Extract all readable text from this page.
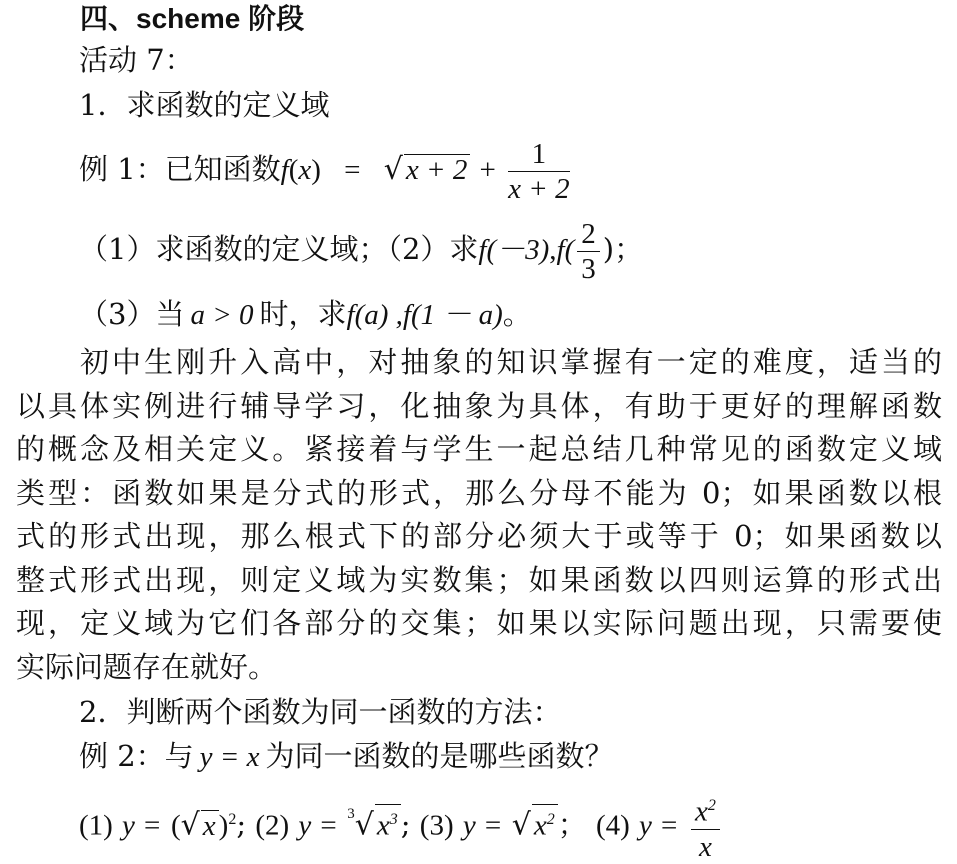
四、scheme 阶段
活动 7：
1．求函数的定义域
例 1：已知函数f(x) = √ $x + 2 + \frac{1}{x + 2}$
（1）求函数的定义域；（2）求$f(-3),f( \frac{2}{3}$ )；
（3）当 a > 0 时，求f(a) ,f(1 － a)。
初中生刚升入高中，对抽象的知识掌握有一定的难度，适当的
以具体实例进行辅导学习，化抽象为具体，有助于更好的理解函数
的概念及相关定义。紧接着与学生一起总结几种常见的函数定义域
类型：函数如果是分式的形式，那么分母不能为 0；如果函数以根
式的形式出现，那么根式下的部分必须大于或等于 0；如果函数以
整式形式出现，则定义域为实数集；如果函数以四则运算的形式出
现，定义域为它们各部分的交集；如果以实际问题出现，只需要使
实际问题存在就好。
2．判断两个函数为同一函数的方法：
例 2：与 y = x 为同一函数的是哪些函数？
(1) y = (√ x )$^2$; (2) y = $^3$√ $x^3$ ; (3) y = √ $x^2$ ； (4) $y = \frac{x^2}{x}$
